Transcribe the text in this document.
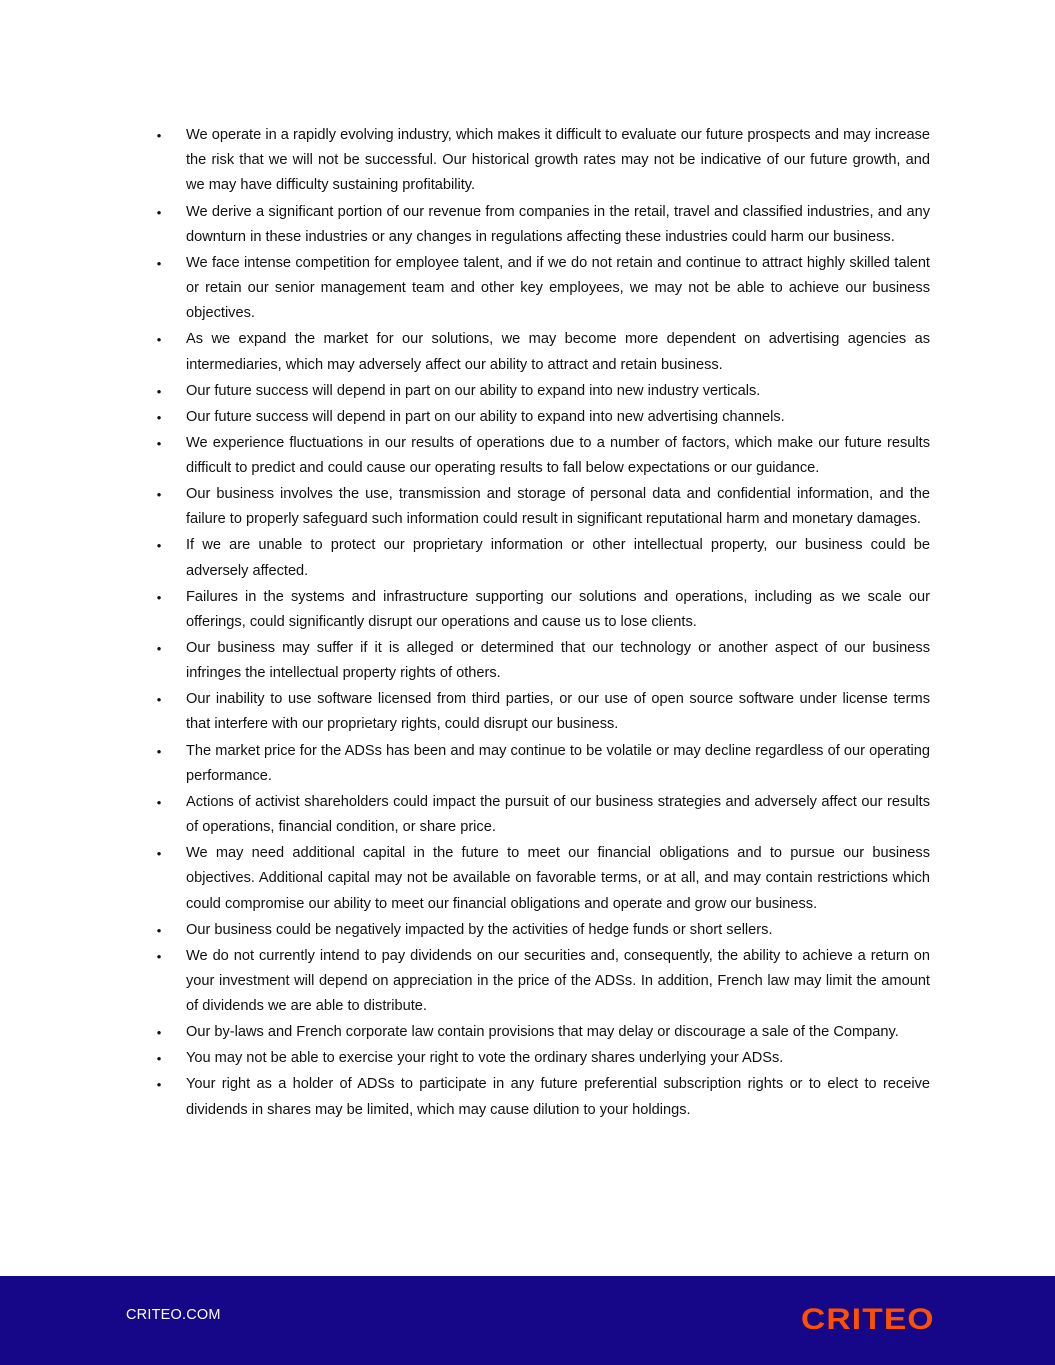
• We operate in a rapidly evolving industry, which makes it difficult to evaluate our future prospects and may increase the risk that we will not be successful. Our historical growth rates may not be indicative of our future growth, and we may have difficulty sustaining profitability.
• We derive a significant portion of our revenue from companies in the retail, travel and classified industries, and any downturn in these industries or any changes in regulations affecting these industries could harm our business.
• We face intense competition for employee talent, and if we do not retain and continue to attract highly skilled talent or retain our senior management team and other key employees, we may not be able to achieve our business objectives.
• As we expand the market for our solutions, we may become more dependent on advertising agencies as intermediaries, which may adversely affect our ability to attract and retain business.
• Our future success will depend in part on our ability to expand into new industry verticals.
• Our future success will depend in part on our ability to expand into new advertising channels.
• We experience fluctuations in our results of operations due to a number of factors, which make our future results difficult to predict and could cause our operating results to fall below expectations or our guidance.
• Our business involves the use, transmission and storage of personal data and confidential information, and the failure to properly safeguard such information could result in significant reputational harm and monetary damages.
• If we are unable to protect our proprietary information or other intellectual property, our business could be adversely affected.
• Failures in the systems and infrastructure supporting our solutions and operations, including as we scale our offerings, could significantly disrupt our operations and cause us to lose clients.
• Our business may suffer if it is alleged or determined that our technology or another aspect of our business infringes the intellectual property rights of others.
• Our inability to use software licensed from third parties, or our use of open source software under license terms that interfere with our proprietary rights, could disrupt our business.
• The market price for the ADSs has been and may continue to be volatile or may decline regardless of our operating performance.
• Actions of activist shareholders could impact the pursuit of our business strategies and adversely affect our results of operations, financial condition, or share price.
• We may need additional capital in the future to meet our financial obligations and to pursue our business objectives. Additional capital may not be available on favorable terms, or at all, and may contain restrictions which could compromise our ability to meet our financial obligations and operate and grow our business.
• Our business could be negatively impacted by the activities of hedge funds or short sellers.
• We do not currently intend to pay dividends on our securities and, consequently, the ability to achieve a return on your investment will depend on appreciation in the price of the ADSs. In addition, French law may limit the amount of dividends we are able to distribute.
• Our by-laws and French corporate law contain provisions that may delay or discourage a sale of the Company.
• You may not be able to exercise your right to vote the ordinary shares underlying your ADSs.
• Your right as a holder of ADSs to participate in any future preferential subscription rights or to elect to receive dividends in shares may be limited, which may cause dilution to your holdings.
CRITEO.COM	CRITEO
